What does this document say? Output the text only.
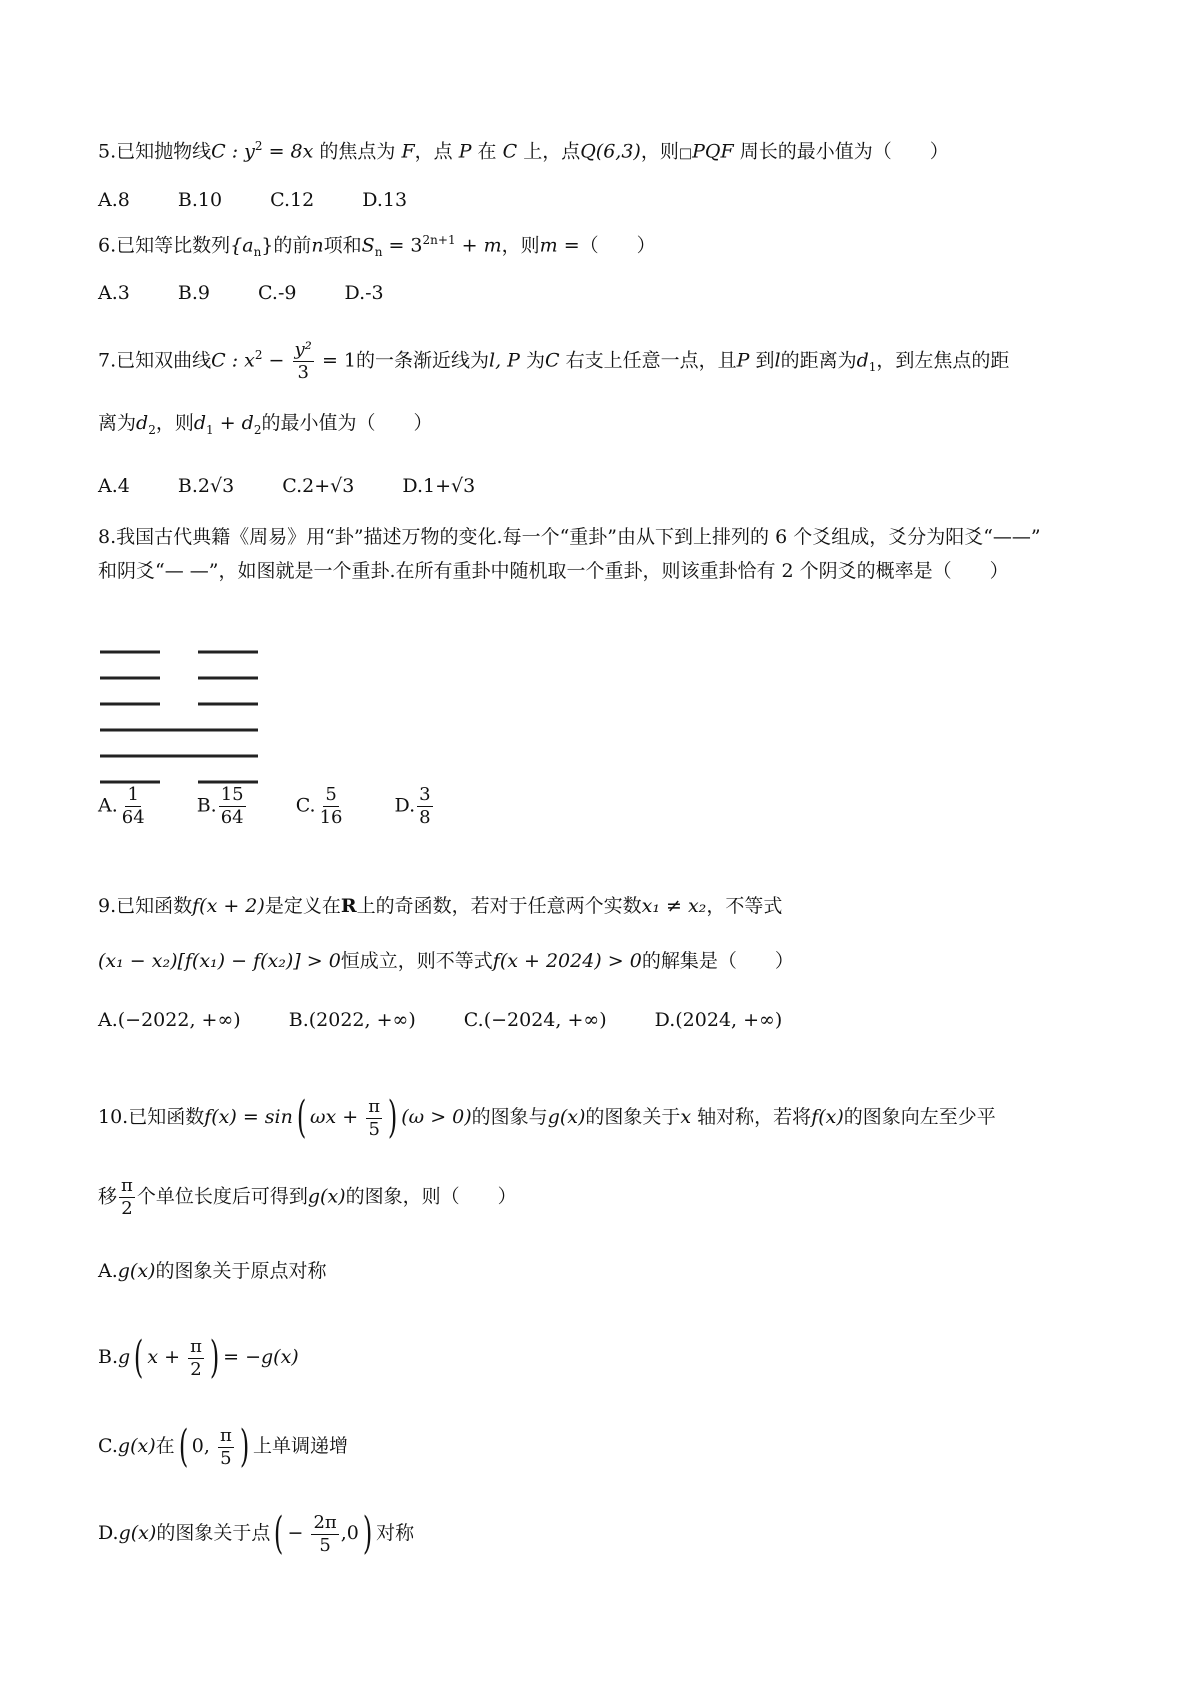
5.已知抛物线C : $y^2 = 8x$ 的焦点为 F，点 P 在 C 上，点Q(6,3)，则□PQF 周长的最小值为（　　）
A.8	B.10	C.12	D.13
6.已知等比数列$\{a_n\}$的前n项和$S_n = 3^{2n+1} + m$，则m =（　　）
A.3	B.9	C.-9	D.-3
7.已知双曲线C : $x^2 - \frac{\text{y²}}{3} = 1$的一条渐近线为l, P 为C 右支上任意一点，且P 到l的距离为$d_1$，到左焦点的距
离为$d_2$，则$d_1 + d_2$的最小值为（　　）
A.4	B.2√3	C.2+√3	D.1+√3
8.我国古代典籍《周易》用“卦”描述万物的变化.每一个“重卦”由从下到上排列的 6 个爻组成，爻分为阳爻“——”
和阴爻“— —”，如图就是一个重卦.在所有重卦中随机取一个重卦，则该重卦恰有 2 个阴爻的概率是（　　）
A. $\frac{1}{64}$	B. $\frac{15}{64}$	C. $\frac{5}{16}$	D. $\frac{3}{8}$
9.已知函数f(x + 2)是定义在R上的奇函数，若对于任意两个实数x₁ ≠ x₂，不等式
(x₁ − x₂)[f(x₁) − f(x₂)] > 0恒成立，则不等式f(x + 2024) > 0的解集是（　　）
A.(−2022, +∞)	B.(2022, +∞)	C.(−2024, +∞)	D.(2024, +∞)
10.已知函数f(x) = sin( $\omega x + \frac{\pi}{5}$ ) (ω > 0)的图象与g(x)的图象关于x 轴对称，若将f(x)的图象向左至少平
移 $\frac{\pi}{2}$ 个单位长度后可得到g(x)的图象，则（　　）
A.g(x)的图象关于原点对称
B.g( $x + \frac{\pi}{2}$ ) = −g(x)
C.g(x)在( 0, $\frac{\pi}{5}$ ) 上单调递增
D.g(x)的图象关于点( − $\frac{2\pi}{5} ,0$) 对称
